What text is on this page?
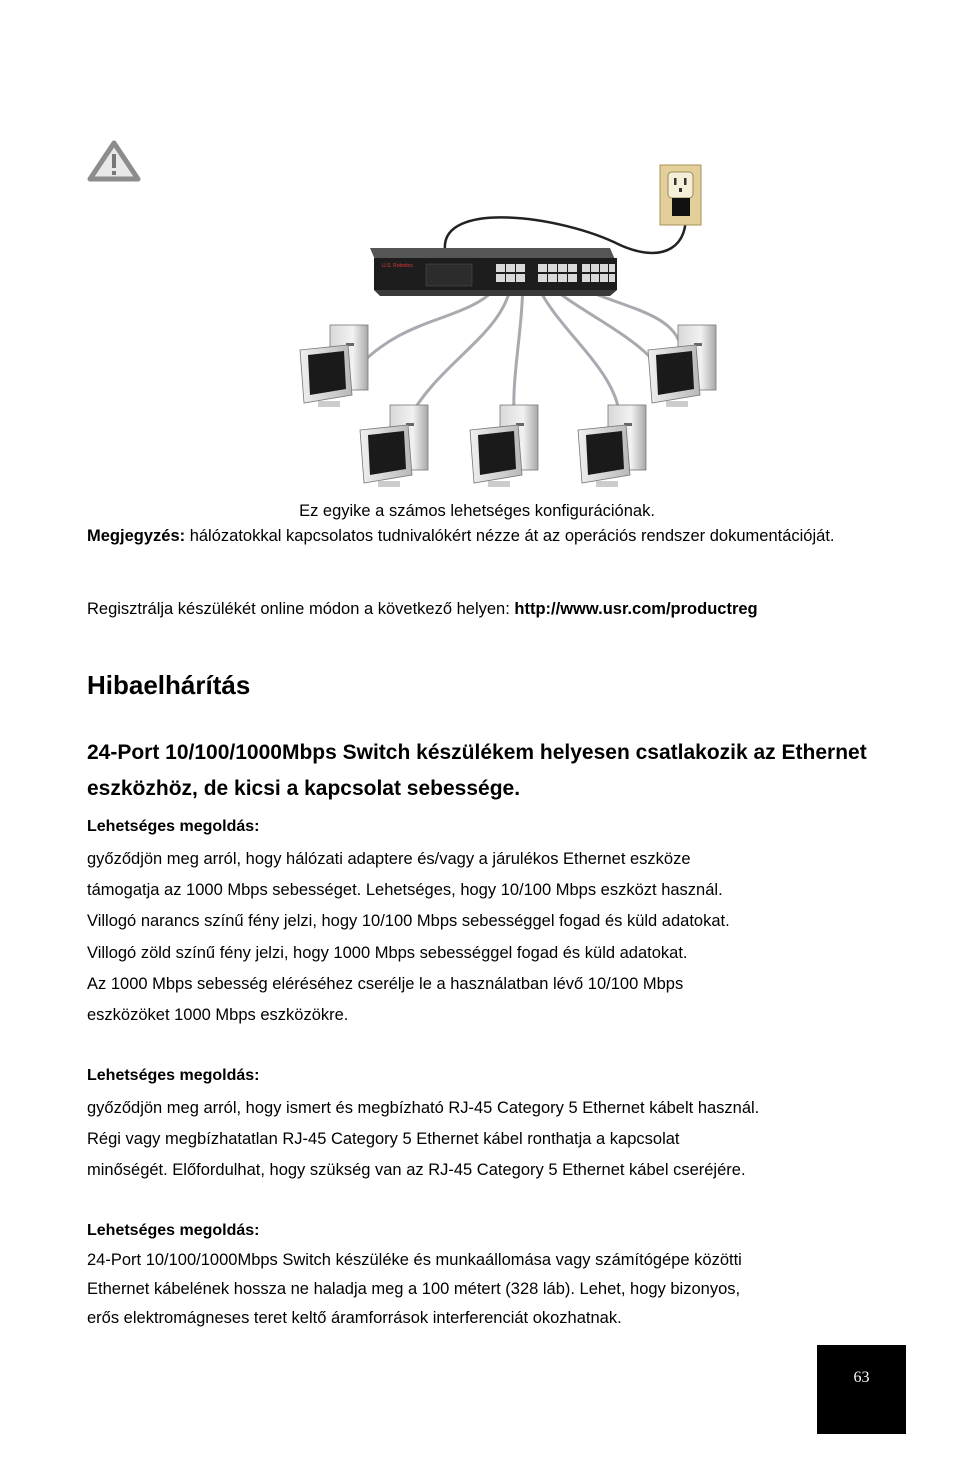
U.S. Robotics
Ez egyike a számos lehetséges konfigurációnak.
Megjegyzés: hálózatokkal kapcsolatos tudnivalókért nézze át az operációs rendszer dokumentációját.
Regisztrálja készülékét online módon a következő helyen: http://www.usr.com/productreg
Hibaelhárítás
24-Port 10/100/1000Mbps Switch készülékem helyesen csatlakozik az Ethernet eszközhöz, de kicsi a kapcsolat sebessége.
Lehetséges megoldás:
győződjön meg arról, hogy hálózati adaptere és/vagy a járulékos Ethernet eszköze
támogatja az 1000 Mbps sebességet. Lehetséges, hogy 10/100 Mbps eszközt használ.
Villogó narancs színű fény jelzi, hogy 10/100 Mbps sebességgel fogad és küld adatokat.
Villogó zöld színű fény jelzi, hogy 1000 Mbps sebességgel fogad és küld adatokat.
Az 1000 Mbps sebesség eléréséhez cserélje le a használatban lévő 10/100 Mbps
eszközöket 1000 Mbps eszközökre.
Lehetséges megoldás:
győződjön meg arról, hogy ismert és megbízható RJ-45 Category 5 Ethernet kábelt használ.
Régi vagy megbízhatatlan RJ-45 Category 5 Ethernet kábel ronthatja a kapcsolat
minőségét. Előfordulhat, hogy szükség van az RJ-45 Category 5 Ethernet kábel cseréjére.
Lehetséges megoldás:
24-Port 10/100/1000Mbps Switch készüléke és munkaállomása vagy számítógépe közötti
Ethernet kábelének hossza ne haladja meg a 100 métert (328 láb). Lehet, hogy bizonyos,
erős elektromágneses teret keltő áramforrások interferenciát okozhatnak.
63
